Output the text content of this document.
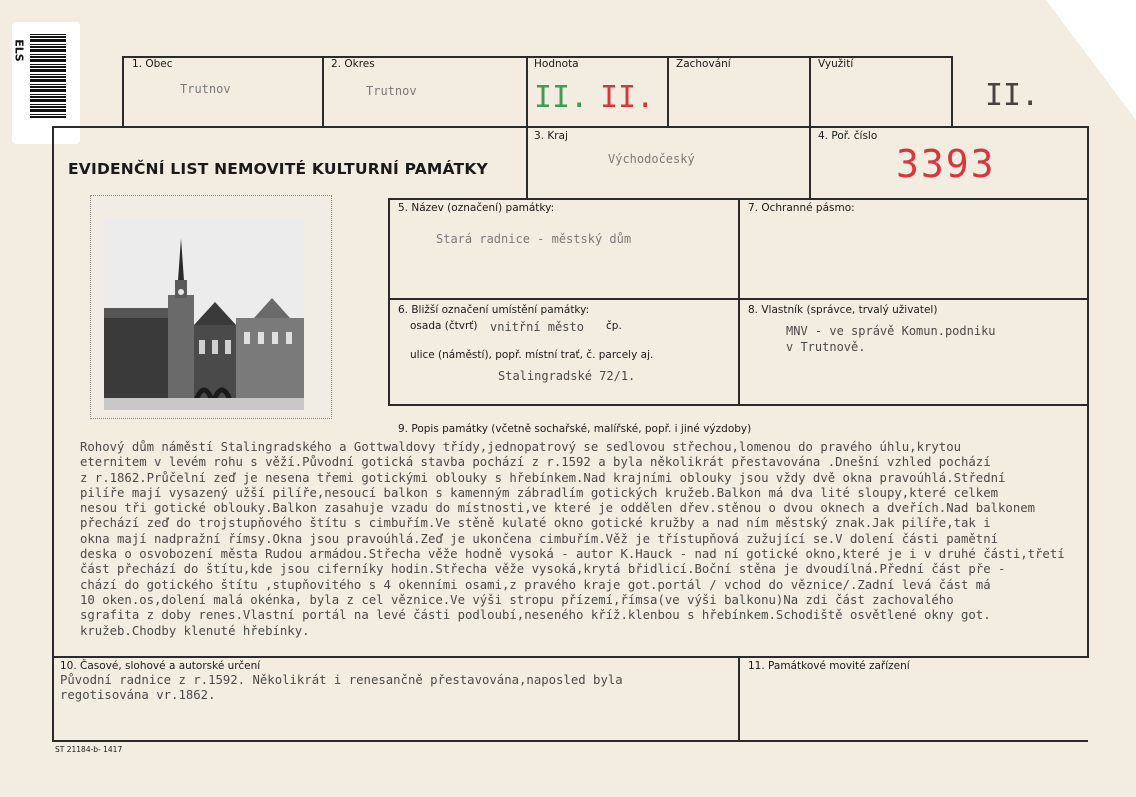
ELS
1. Obec
Trutnov
2. Okres
Trutnov
Hodnota
II. II.
Zachování	Využití
II.
EVIDENČNÍ LIST NEMOVITÉ KULTURNÍ PAMÁTKY
3. Kraj
Východočeský
4. Poř. číslo
3393
5. Název (označení) památky:
Stará radnice - městský dům
7. Ochranné pásmo:
6. Bližší označení umístění památky:
osada (čtvrť) vnitřní město čp.
ulice (náměstí), popř. místní trať, č. parcely aj.
Stalingradské 72/1.
8. Vlastník (správce, trvalý uživatel)
MNV - ve správě Komun.podniku
v Trutnově.
9. Popis památky (včetně sochařské, malířské, popř. i jiné výzdoby)
Rohový dům náměstí Stalingradského a Gottwaldovy třídy,jednopatrový se sedlovou střechou,lomenou do pravého úhlu,krytou
eternitem v levém rohu s věží.Původní gotická stavba pochází z r.1592 a byla několikrát přestavována .Dnešní vzhled pochází
z r.1862.Průčelní zeď je nesena třemi gotickými oblouky s hřebínkem.Nad krajními oblouky jsou vždy dvě okna pravoúhlá.Střední
pilíře mají vysazený užší pilíře,nesoucí balkon s kamenným zábradlím gotických kružeb.Balkon má dva lité sloupy,které celkem
nesou tři gotické oblouky.Balkon zasahuje vzadu do místnosti,ve které je oddělen dřev.stěnou o dvou oknech a dveřích.Nad balkonem
přechází zeď do trojstupňového štítu s cimbuřím.Ve stěně kulaté okno gotické kružby a nad ním městský znak.Jak pilíře,tak i
okna mají nadpražní římsy.Okna jsou pravoúhlá.Zeď je ukončena cimbuřím.Věž je třístupňová zužující se.V dolení části pamětní
deska o osvobození města Rudou armádou.Střecha věže hodně vysoká - autor K.Hauck - nad ní gotické okno,které je i v druhé části,třetí
část přechází do štítu,kde jsou ciferníky hodin.Střecha věže vysoká,krytá břidlicí.Boční stěna je dvoudílná.Přední část pře -
chází do gotického štítu ,stupňovitého s 4 okenními osami,z pravého kraje got.portál / vchod do věznice/.Zadní levá část má
10 oken.os,dolení malá okénka, byla z cel věznice.Ve výši stropu přízemí,římsa(ve výši balkonu)Na zdi část zachovalého
sgrafita z doby renes.Vlastní portál na levé části podloubí,neseného kříž.klenbou s hřebínkem.Schodiště osvětlené okny got.
kružeb.Chodby klenuté hřebínky.
10. Časové, slohové a autorské určení
Původní radnice z r.1592. Několikrát i renesančně přestavována,naposled byla
regotisována vr.1862.
11. Památkové movité zařízení
ST 21184-b- 1417
